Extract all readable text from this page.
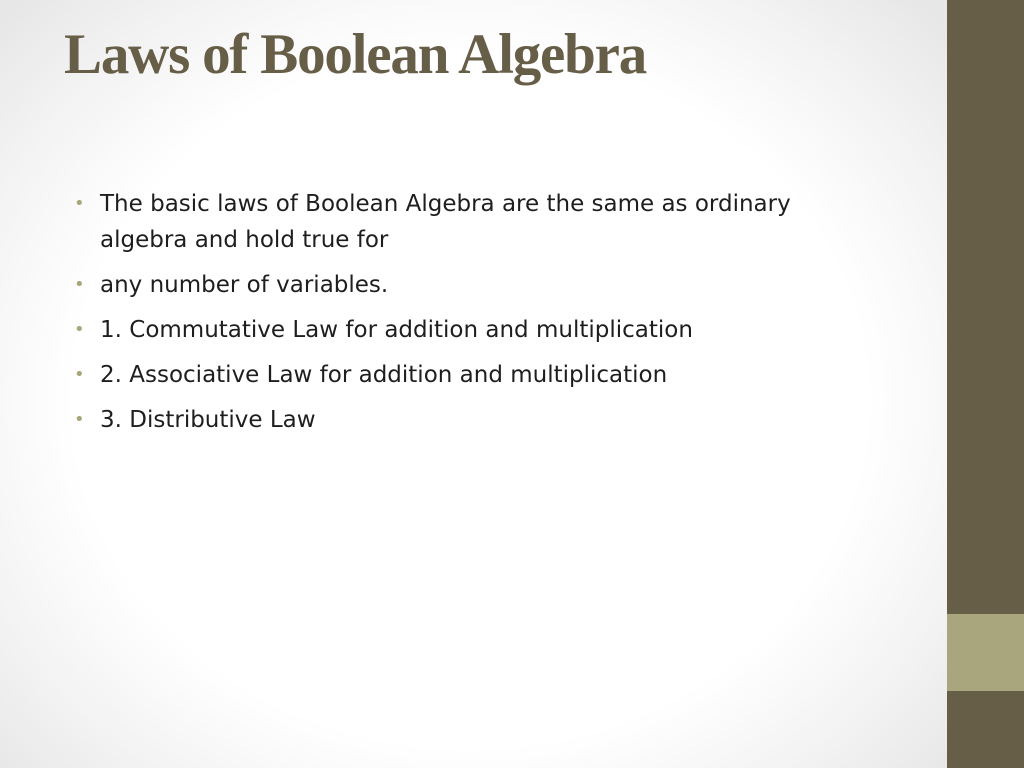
Laws of Boolean Algebra
• The basic laws of Boolean Algebra are the same as ordinary algebra and hold true for
• any number of variables.
• 1. Commutative Law for addition and multiplication
• 2. Associative Law for addition and multiplication
• 3. Distributive Law
